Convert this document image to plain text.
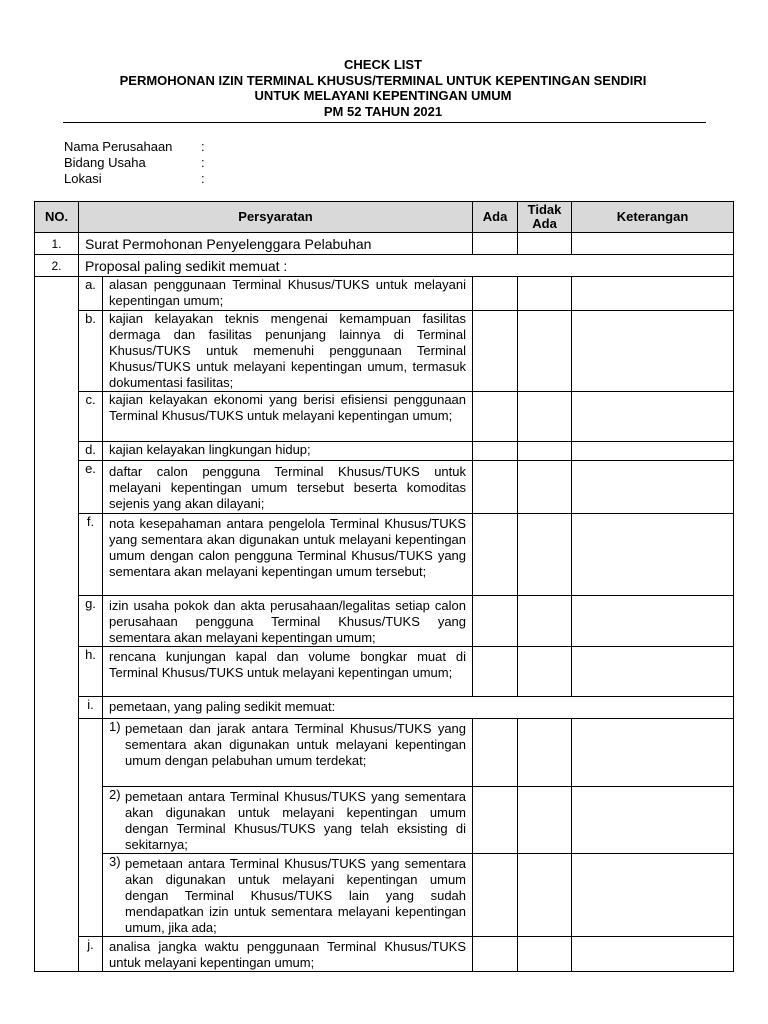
CHECK LIST
PERMOHONAN IZIN TERMINAL KHUSUS/TERMINAL UNTUK KEPENTINGAN SENDIRI
UNTUK MELAYANI KEPENTINGAN UMUM
PM 52 TAHUN 2021
Nama Perusahaan	:
Bidang Usaha	:
Lokasi	:
NO.	Persyaratan		Ada	Tidak
Ada	Keterangan
1.	Surat Permohonan Penyelenggara Pelabuhan				
2.	Proposal paling sedikit memuat :				
	a.	alasan penggunaan Terminal Khusus/TUKS untuk melayani kepentingan umum;			
	b.	kajian kelayakan teknis mengenai kemampuan fasilitas dermaga dan fasilitas penunjang lainnya di Terminal Khusus/TUKS untuk memenuhi penggunaan Terminal Khusus/TUKS untuk melayani kepentingan umum, termasuk dokumentasi fasilitas;			
	c.	kajian kelayakan ekonomi yang berisi efisiensi penggunaan Terminal Khusus/TUKS untuk melayani kepentingan umum;			
	d.	kajian kelayakan lingkungan hidup;			
	e.	daftar calon pengguna Terminal Khusus/TUKS untuk melayani kepentingan umum tersebut beserta komoditas sejenis yang akan dilayani;			
	f.	nota kesepahaman antara pengelola Terminal Khusus/TUKS yang sementara akan digunakan untuk melayani kepentingan umum dengan calon pengguna Terminal Khusus/TUKS yang sementara akan melayani kepentingan umum tersebut;			
	g.	izin usaha pokok dan akta perusahaan/legalitas setiap calon perusahaan pengguna Terminal Khusus/TUKS yang sementara akan melayani kepentingan umum;			
	h.	rencana kunjungan kapal dan volume bongkar muat di Terminal Khusus/TUKS untuk melayani kepentingan umum;			
	i.	pemetaan, yang paling sedikit memuat:			

		1) pemetaan dan jarak antara Terminal Khusus/TUKS yang sementara akan digunakan untuk melayani kepentingan umum dengan pelabuhan umum terdekat;			

		2) pemetaan antara Terminal Khusus/TUKS yang sementara akan digunakan untuk melayani kepentingan umum dengan Terminal Khusus/TUKS yang telah eksisting di sekitarnya;			

		3) pemetaan antara Terminal Khusus/TUKS yang sementara akan digunakan untuk melayani kepentingan umum dengan Terminal Khusus/TUKS lain yang sudah mendapatkan izin untuk sementara melayani kepentingan umum, jika ada;			
	j.	analisa jangka waktu penggunaan Terminal Khusus/TUKS untuk melayani kepentingan umum;			
